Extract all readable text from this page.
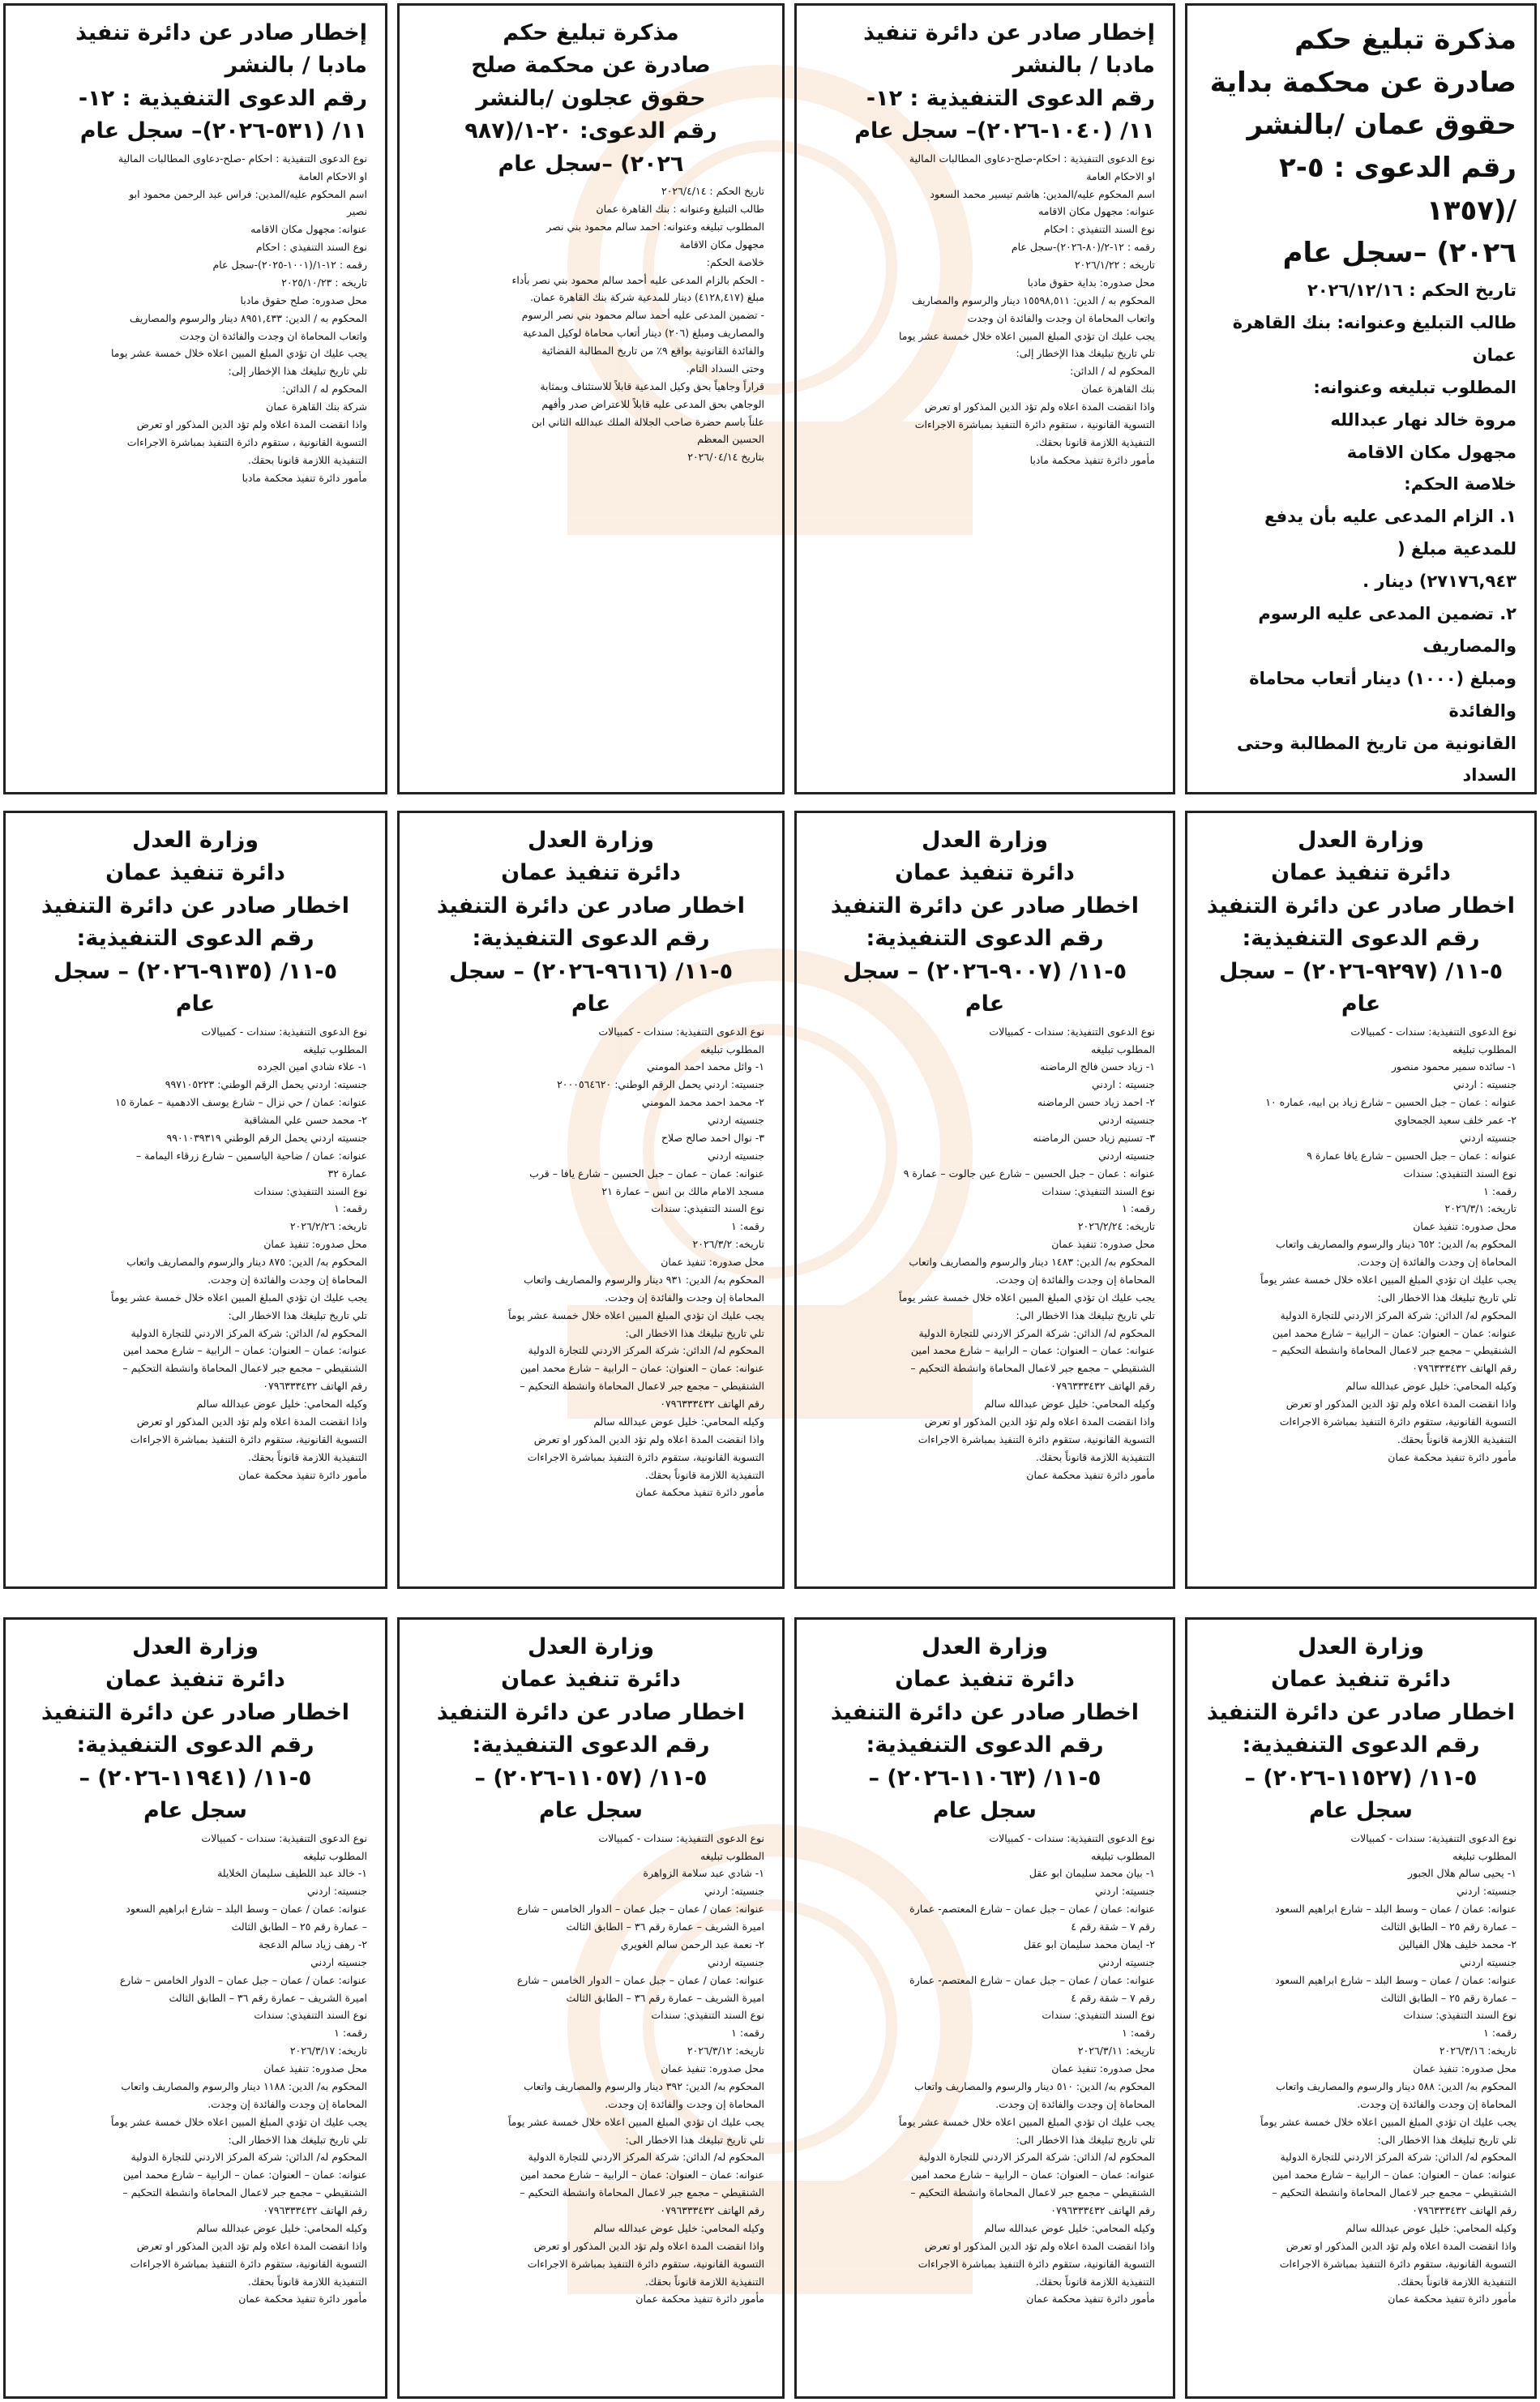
مذكرة تبليغ حكم

صادرة عن محكمة بداية

حقوق عمان /بالنشر

رقم الدعوى : ٥-٢ /(١٣٥٧

٢٠٢٦) –سجل عام

تاريخ الحكم : ٢٠٢٦/١٢/١٦

طالب التبليغ وعنوانه: بنك القاهرة عمان

المطلوب تبليغه وعنوانه:

مروة خالد نهار عبدالله

مجهول مكان الاقامة

خلاصة الحكم:

١. الزام المدعى عليه بأن يدفع للمدعية مبلغ (

٢٧١٧٦,٩٤٣) دينار .

٢. تضمين المدعى عليه الرسوم والمصاريف

ومبلغ (١٠٠٠) دينار أتعاب محاماة والفائدة

القانونية من تاريخ المطالبة وحتى السداد

إخطار صادر عن دائرة تنفيذ

مادبا / بالنشر

رقم الدعوى التنفيذية : ١٢-

١١/ (١٠٤٠-٢٠٢٦)– سجل عام

نوع الدعوى التنفيذية : احكام-صلح-دعاوى المطالبات المالية

او الاحكام العامة

اسم المحكوم عليه/المدين: هاشم تيسير محمد السعود

عنوانه: مجهول مكان الاقامه

نوع السند التنفيذي : احكام

رقمه : ١٢-٢/(٨٠-٢٠٢٦)-سجل عام

تاريخه : ٢٠٢٦/١/٢٢

محل صدوره: بداية حقوق مادبا

المحكوم به / الدين: ١٥٥٩٨,٥١١ دينار والرسوم والمصاريف

واتعاب المحاماة ان وجدت والفائدة ان وجدت

يجب عليك ان تؤدي المبلغ المبين اعلاه خلال خمسة عشر يوما

تلي تاريخ تبليغك هذا الإخطار إلى:

المحكوم له / الدائن:

بنك القاهرة عمان

واذا انقضت المدة اعلاه ولم تؤد الدين المذكور او تعرض

التسوية القانونية ، ستقوم دائرة التنفيذ بمباشرة الاجراءات

التنفيذية اللازمة قانونا بحقك.

مأمور دائرة تنفيذ محكمة مادبا

مذكرة تبليغ حكم

صادرة عن محكمة صلح

حقوق عجلون /بالنشر

رقم الدعوى: ٢٠-١/(٩٨٧

٢٠٢٦) –سجل عام

تاريخ الحكم : ٢٠٢٦/٤/١٤

طالب التبليغ وعنوانه : بنك القاهرة عمان

المطلوب تبليغه وعنوانه: احمد سالم محمود بني نصر

مجهول مكان الاقامة

خلاصة الحكم:

- الحكم بالزام المدعى عليه أحمد سالم محمود بني نصر بأداء

مبلغ (٤١٢٨,٤١٧) دينار للمدعية شركة بنك القاهرة عمان.

- تضمين المدعى عليه أحمد سالم محمود بني نصر الرسوم

والمصاريف ومبلغ (٢٠٦) دينار أتعاب محاماة لوكيل المدعية

والفائدة القانونية بواقع ٩٪ من تاريخ المطالبة القضائية

وحتى السداد التام.

قراراً وجاهياً بحق وكيل المدعية قابلاً للاستئناف وبمثابة

الوجاهي بحق المدعى عليه قابلاً للاعتراض صدر وأفهم

علناً باسم حضرة صاحب الجلالة الملك عبدالله الثاني ابن

الحسين المعظم

بتاريخ ٢٠٢٦/٠٤/١٤

إخطار صادر عن دائرة تنفيذ

مادبا / بالنشر

رقم الدعوى التنفيذية : ١٢-

١١/ (٥٣١-٢٠٢٦)– سجل عام

نوع الدعوى التنفيذية : احكام -صلح-دعاوى المطالبات المالية

او الاحكام العامة

اسم المحكوم عليه/المدين: فراس عبد الرحمن محمود ابو

نصير

عنوانه: مجهول مكان الاقامه

نوع السند التنفيذي : احكام

رقمه : ١٢-١/(١٠٠١-٢٠٢٥)-سجل عام

تاريخه : ٢٠٢٥/١٠/٢٣

محل صدوره: صلح حقوق مادبا

المحكوم به / الدين: ٨٩٥١,٤٣٣ دينار والرسوم والمصاريف

واتعاب المحاماة ان وجدت والفائدة ان وجدت

يجب عليك ان تؤدي المبلغ المبين اعلاه خلال خمسة عشر يوما

تلي تاريخ تبليغك هذا الإخطار إلى:

المحكوم له / الدائن:

شركة بنك القاهرة عمان

واذا انقضت المدة اعلاه ولم تؤد الدين المذكور او تعرض

التسوية القانونية ، ستقوم دائرة التنفيذ بمباشرة الاجراءات

التنفيذية اللازمة قانونا بحقك.

مأمور دائرة تنفيذ محكمة مادبا

وزارة العدل

دائرة تنفيذ عمان

اخطار صادر عن دائرة التنفيذ

رقم الدعوى التنفيذية:

٥-١١/ (٩٢٩٧-٢٠٢٦) – سجل

عام

نوع الدعوى التنفيذية: سندات - كمبيالات

المطلوب تبليغه

١- سائده سمير محمود منصور

جنسيته : اردني

عنوانه : عمان – جبل الحسين – شارع زياد بن ابيه، عماره ١٠

٢- عمر خلف سعيد الجمحاوي

جنسيته اردني

عنوانه : عمان – جبل الحسين – شارع يافا عمارة ٩

نوع السند التنفيذي: سندات

رقمه: ١

تاريخه: ٢٠٢٦/٣/١

محل صدوره: تنفيذ عمان

المحكوم به/ الدين: ٦٥٢ دينار والرسوم والمصاريف واتعاب

المحاماة إن وجدت والفائدة إن وجدت.

يجب عليك ان تؤدي المبلغ المبين اعلاه خلال خمسة عشر يوماً

تلي تاريخ تبليغك هذا الاخطار الى:

المحكوم له/ الدائن: شركة المركز الاردني للتجارة الدولية

عنوانه: عمان – العنوان: عمان – الرابية – شارع محمد امين

الشنقيطي – مجمع جبر لاعمال المحاماة وانشطة التحكيم –

رقم الهاتف ٠٧٩٦٣٣٣٤٣٢

وكيله المحامي: خليل عوض عبدالله سالم

واذا انقضت المدة اعلاه ولم تؤد الدين المذكور او تعرض

التسوية القانونية، ستقوم دائرة التنفيذ بمباشرة الاجراءات

التنفيذية اللازمة قانوناً بحقك.

مأمور دائرة تنفيذ محكمة عمان

وزارة العدل

دائرة تنفيذ عمان

اخطار صادر عن دائرة التنفيذ

رقم الدعوى التنفيذية:

٥-١١/ (٩٠٠٧-٢٠٢٦) – سجل

عام

نوع الدعوى التنفيذية: سندات - كمبيالات

المطلوب تبليغه

١- زياد حسن فالح الرماضنه

جنسيته : اردني

٢- احمد زياد حسن الرماضنه

جنسيته اردني

٣- تسنيم زياد حسن الرماضنه

جنسيته اردني

عنوانه : عمان – جبل الحسين – شارع عين جالوت – عمارة ٩

نوع السند التنفيذي: سندات

رقمه: ١

تاريخه: ٢٠٢٦/٢/٢٤

محل صدوره: تنفيذ عمان

المحكوم به/ الدين: ١٤٨٣ دينار والرسوم والمصاريف واتعاب

المحاماة إن وجدت والفائدة إن وجدت.

يجب عليك ان تؤدي المبلغ المبين اعلاه خلال خمسة عشر يوماً

تلي تاريخ تبليغك هذا الاخطار الى:

المحكوم له/ الدائن: شركة المركز الاردني للتجارة الدولية

عنوانه: عمان – العنوان: عمان – الرابية – شارع محمد امين

الشنقيطي – مجمع جبر لاعمال المحاماة وانشطة التحكيم –

رقم الهاتف ٠٧٩٦٣٣٣٤٣٢

وكيله المحامي: خليل عوض عبدالله سالم

واذا انقضت المدة اعلاه ولم تؤد الدين المذكور او تعرض

التسوية القانونية، ستقوم دائرة التنفيذ بمباشرة الاجراءات

التنفيذية اللازمة قانوناً بحقك.

مأمور دائرة تنفيذ محكمة عمان

وزارة العدل

دائرة تنفيذ عمان

اخطار صادر عن دائرة التنفيذ

رقم الدعوى التنفيذية:

٥-١١/ (٩٦١٦-٢٠٢٦) – سجل

عام

نوع الدعوى التنفيذية: سندات - كمبيالات

المطلوب تبليغه

١- وائل محمد احمد المومني

جنسيته: اردني يحمل الرقم الوطني: ٢٠٠٠٥٦٤٦٢٠

٢- محمد احمد محمد المومني

جنسيته اردني

٣- نوال احمد صالح صلاح

جنسيته اردني

عنوانه: عمان – عمان – جبل الحسين – شارع يافا – قرب

مسجد الامام مالك بن انس – عمارة ٢١

نوع السند التنفيذي: سندات

رقمه: ١

تاريخه: ٢٠٢٦/٣/٢

محل صدوره: تنفيذ عمان

المحكوم به/ الدين: ٩٣١ دينار والرسوم والمصاريف واتعاب

المحاماة إن وجدت والفائدة إن وجدت.

يجب عليك ان تؤدي المبلغ المبين اعلاه خلال خمسة عشر يوماً

تلي تاريخ تبليغك هذا الاخطار الى:

المحكوم له/ الدائن: شركة المركز الاردني للتجارة الدولية

عنوانه: عمان – العنوان: عمان – الرابية – شارع محمد امين

الشنقيطي – مجمع جبر لاعمال المحاماة وانشطة التحكيم –

رقم الهاتف ٠٧٩٦٣٣٣٤٣٢

وكيله المحامي: خليل عوض عبدالله سالم

واذا انقضت المدة اعلاه ولم تؤد الدين المذكور او تعرض

التسوية القانونية، ستقوم دائرة التنفيذ بمباشرة الاجراءات

التنفيذية اللازمة قانوناً بحقك.

مأمور دائرة تنفيذ محكمة عمان

وزارة العدل

دائرة تنفيذ عمان

اخطار صادر عن دائرة التنفيذ

رقم الدعوى التنفيذية:

٥-١١/ (٩١٣٥-٢٠٢٦) – سجل

عام

نوع الدعوى التنفيذية: سندات - كمبيالات

المطلوب تبليغه

١- علاء شادي امين الجرده

جنسيته: اردني يحمل الرقم الوطني: ٩٩٧١٠٥٢٢٣

عنوانه: عمان / حي نزال – شارع يوسف الادهمية – عمارة ١٥

٢- محمد حسن علي المشاقبة

جنسيته اردني يحمل الرقم الوطني ٩٩٠١٠٣٩٣١٩

عنوانه: عمان / ضاحية الياسمين – شارع زرقاء اليمامة –

عمارة ٣٢

نوع السند التنفيذي: سندات

رقمه: ١

تاريخه: ٢٠٢٦/٢/٢٦

محل صدوره: تنفيذ عمان

المحكوم به/ الدين: ٨٧٥ دينار والرسوم والمصاريف واتعاب

المحاماة إن وجدت والفائدة إن وجدت.

يجب عليك ان تؤدي المبلغ المبين اعلاه خلال خمسة عشر يوماً

تلي تاريخ تبليغك هذا الاخطار الى:

المحكوم له/ الدائن: شركة المركز الاردني للتجارة الدولية

عنوانه: عمان – العنوان: عمان – الرابية – شارع محمد امين

الشنقيطي – مجمع جبر لاعمال المحاماة وانشطة التحكيم –

رقم الهاتف ٠٧٩٦٣٣٣٤٣٢

وكيله المحامي: خليل عوض عبدالله سالم

واذا انقضت المدة اعلاه ولم تؤد الدين المذكور او تعرض

التسوية القانونية، ستقوم دائرة التنفيذ بمباشرة الاجراءات

التنفيذية اللازمة قانوناً بحقك.

مأمور دائرة تنفيذ محكمة عمان

وزارة العدل

دائرة تنفيذ عمان

اخطار صادر عن دائرة التنفيذ

رقم الدعوى التنفيذية:

٥-١١/ (١١٥٢٧-٢٠٢٦) –

سجل عام

نوع الدعوى التنفيذية: سندات - كمبيالات

المطلوب تبليغه

١- يحيى سالم هلال الجبور

جنسيته: اردني

عنوانه: عمان / عمان – وسط البلد – شارع ابراهيم السعود

– عمارة رقم ٢٥ – الطابق الثالث

٢- محمد خليف هلال الفيالين

جنسيته اردني

عنوانه: عمان / عمان – وسط البلد – شارع ابراهيم السعود

– عمارة رقم ٢٥ – الطابق الثالث

نوع السند التنفيذي: سندات

رقمه: ١

تاريخه: ٢٠٢٦/٣/١٦

محل صدوره: تنفيذ عمان

المحكوم به/ الدين: ٥٨٨ دينار والرسوم والمصاريف واتعاب

المحاماة إن وجدت والفائدة إن وجدت.

يجب عليك ان تؤدي المبلغ المبين اعلاه خلال خمسة عشر يوماً

تلي تاريخ تبليغك هذا الاخطار الى:

المحكوم له/ الدائن: شركة المركز الاردني للتجارة الدولية

عنوانه: عمان – العنوان: عمان – الرابية – شارع محمد امين

الشنقيطي – مجمع جبر لاعمال المحاماة وانشطة التحكيم –

رقم الهاتف ٠٧٩٦٣٣٣٤٣٢

وكيله المحامي: خليل عوض عبدالله سالم

واذا انقضت المدة اعلاه ولم تؤد الدين المذكور او تعرض

التسوية القانونية، ستقوم دائرة التنفيذ بمباشرة الاجراءات

التنفيذية اللازمة قانوناً بحقك.

مأمور دائرة تنفيذ محكمة عمان

وزارة العدل

دائرة تنفيذ عمان

اخطار صادر عن دائرة التنفيذ

رقم الدعوى التنفيذية:

٥-١١/ (١١٠٦٣-٢٠٢٦) –

سجل عام

نوع الدعوى التنفيذية: سندات - كمبيالات

المطلوب تبليغه

١- بيان محمد سليمان ابو عقل

جنسيته: اردني

عنوانه: عمان / عمان – جبل عمان – شارع المعتصم- عمارة

رقم ٧ – شقة رقم ٤

٢- ايمان محمد سليمان ابو عقل

جنسيته اردني

عنوانه: عمان / عمان – جبل عمان – شارع المعتصم- عمارة

رقم ٧ – شقة رقم ٤

نوع السند التنفيذي: سندات

رقمه: ١

تاريخه: ٢٠٢٦/٣/١١

محل صدوره: تنفيذ عمان

المحكوم به/ الدين: ٥١٠ دينار والرسوم والمصاريف واتعاب

المحاماة إن وجدت والفائدة إن وجدت.

يجب عليك ان تؤدي المبلغ المبين اعلاه خلال خمسة عشر يوماً

تلي تاريخ تبليغك هذا الاخطار الى:

المحكوم له/ الدائن: شركة المركز الاردني للتجارة الدولية

عنوانه: عمان – العنوان: عمان – الرابية – شارع محمد امين

الشنقيطي – مجمع جبر لاعمال المحاماة وانشطة التحكيم –

رقم الهاتف ٠٧٩٦٣٣٣٤٣٢

وكيله المحامي: خليل عوض عبدالله سالم

واذا انقضت المدة اعلاه ولم تؤد الدين المذكور او تعرض

التسوية القانونية، ستقوم دائرة التنفيذ بمباشرة الاجراءات

التنفيذية اللازمة قانوناً بحقك.

مأمور دائرة تنفيذ محكمة عمان

وزارة العدل

دائرة تنفيذ عمان

اخطار صادر عن دائرة التنفيذ

رقم الدعوى التنفيذية:

٥-١١/ (١١٠٥٧-٢٠٢٦) –

سجل عام

نوع الدعوى التنفيذية: سندات - كمبيالات

المطلوب تبليغه

١- شادي عبد سلامة الزواهرة

جنسيته: اردني

عنوانه: عمان / عمان – جبل عمان – الدوار الخامس – شارع

اميرة الشريف – عمارة رقم ٣٦ – الطابق الثالث

٢- نعمة عبد الرحمن سالم الغويري

جنسيته اردني

عنوانه: عمان / عمان – جبل عمان – الدوار الخامس – شارع

اميرة الشريف – عمارة رقم ٣٦ – الطابق الثالث

نوع السند التنفيذي: سندات

رقمه: ١

تاريخه: ٢٠٢٦/٣/١٢

محل صدوره: تنفيذ عمان

المحكوم به/ الدين: ٣٩٢ دينار والرسوم والمصاريف واتعاب

المحاماة إن وجدت والفائدة إن وجدت.

يجب عليك ان تؤدي المبلغ المبين اعلاه خلال خمسة عشر يوماً

تلي تاريخ تبليغك هذا الاخطار الى:

المحكوم له/ الدائن: شركة المركز الاردني للتجارة الدولية

عنوانه: عمان – العنوان: عمان – الرابية – شارع محمد امين

الشنقيطي – مجمع جبر لاعمال المحاماة وانشطة التحكيم –

رقم الهاتف ٠٧٩٦٣٣٣٤٣٢

وكيله المحامي: خليل عوض عبدالله سالم

واذا انقضت المدة اعلاه ولم تؤد الدين المذكور او تعرض

التسوية القانونية، ستقوم دائرة التنفيذ بمباشرة الاجراءات

التنفيذية اللازمة قانوناً بحقك.

مأمور دائرة تنفيذ محكمة عمان

وزارة العدل

دائرة تنفيذ عمان

اخطار صادر عن دائرة التنفيذ

رقم الدعوى التنفيذية:

٥-١١/ (١١٩٤١-٢٠٢٦) –

سجل عام

نوع الدعوى التنفيذية: سندات - كمبيالات

المطلوب تبليغه

١- خالد عبد اللطيف سليمان الخلايلة

جنسيته: اردني

عنوانه: عمان / عمان – وسط البلد – شارع ابراهيم السعود

– عمارة رقم ٢٥ – الطابق الثالث

٢- رهف زياد سالم الدعجة

جنسيته اردني

عنوانه: عمان / عمان – جبل عمان – الدوار الخامس – شارع

اميرة الشريف – عمارة رقم ٣٦ – الطابق الثالث

نوع السند التنفيذي: سندات

رقمه: ١

تاريخه: ٢٠٢٦/٣/١٧

محل صدوره: تنفيذ عمان

المحكوم به/ الدين: ١١٨٨ دينار والرسوم والمصاريف واتعاب

المحاماة إن وجدت والفائدة إن وجدت.

يجب عليك ان تؤدي المبلغ المبين اعلاه خلال خمسة عشر يوماً

تلي تاريخ تبليغك هذا الاخطار الى:

المحكوم له/ الدائن: شركة المركز الاردني للتجارة الدولية

عنوانه: عمان – العنوان: عمان – الرابية – شارع محمد امين

الشنقيطي – مجمع جبر لاعمال المحاماة وانشطة التحكيم –

رقم الهاتف ٠٧٩٦٣٣٣٤٣٢

وكيله المحامي: خليل عوض عبدالله سالم

واذا انقضت المدة اعلاه ولم تؤد الدين المذكور او تعرض

التسوية القانونية، ستقوم دائرة التنفيذ بمباشرة الاجراءات

التنفيذية اللازمة قانوناً بحقك.

مأمور دائرة تنفيذ محكمة عمان
